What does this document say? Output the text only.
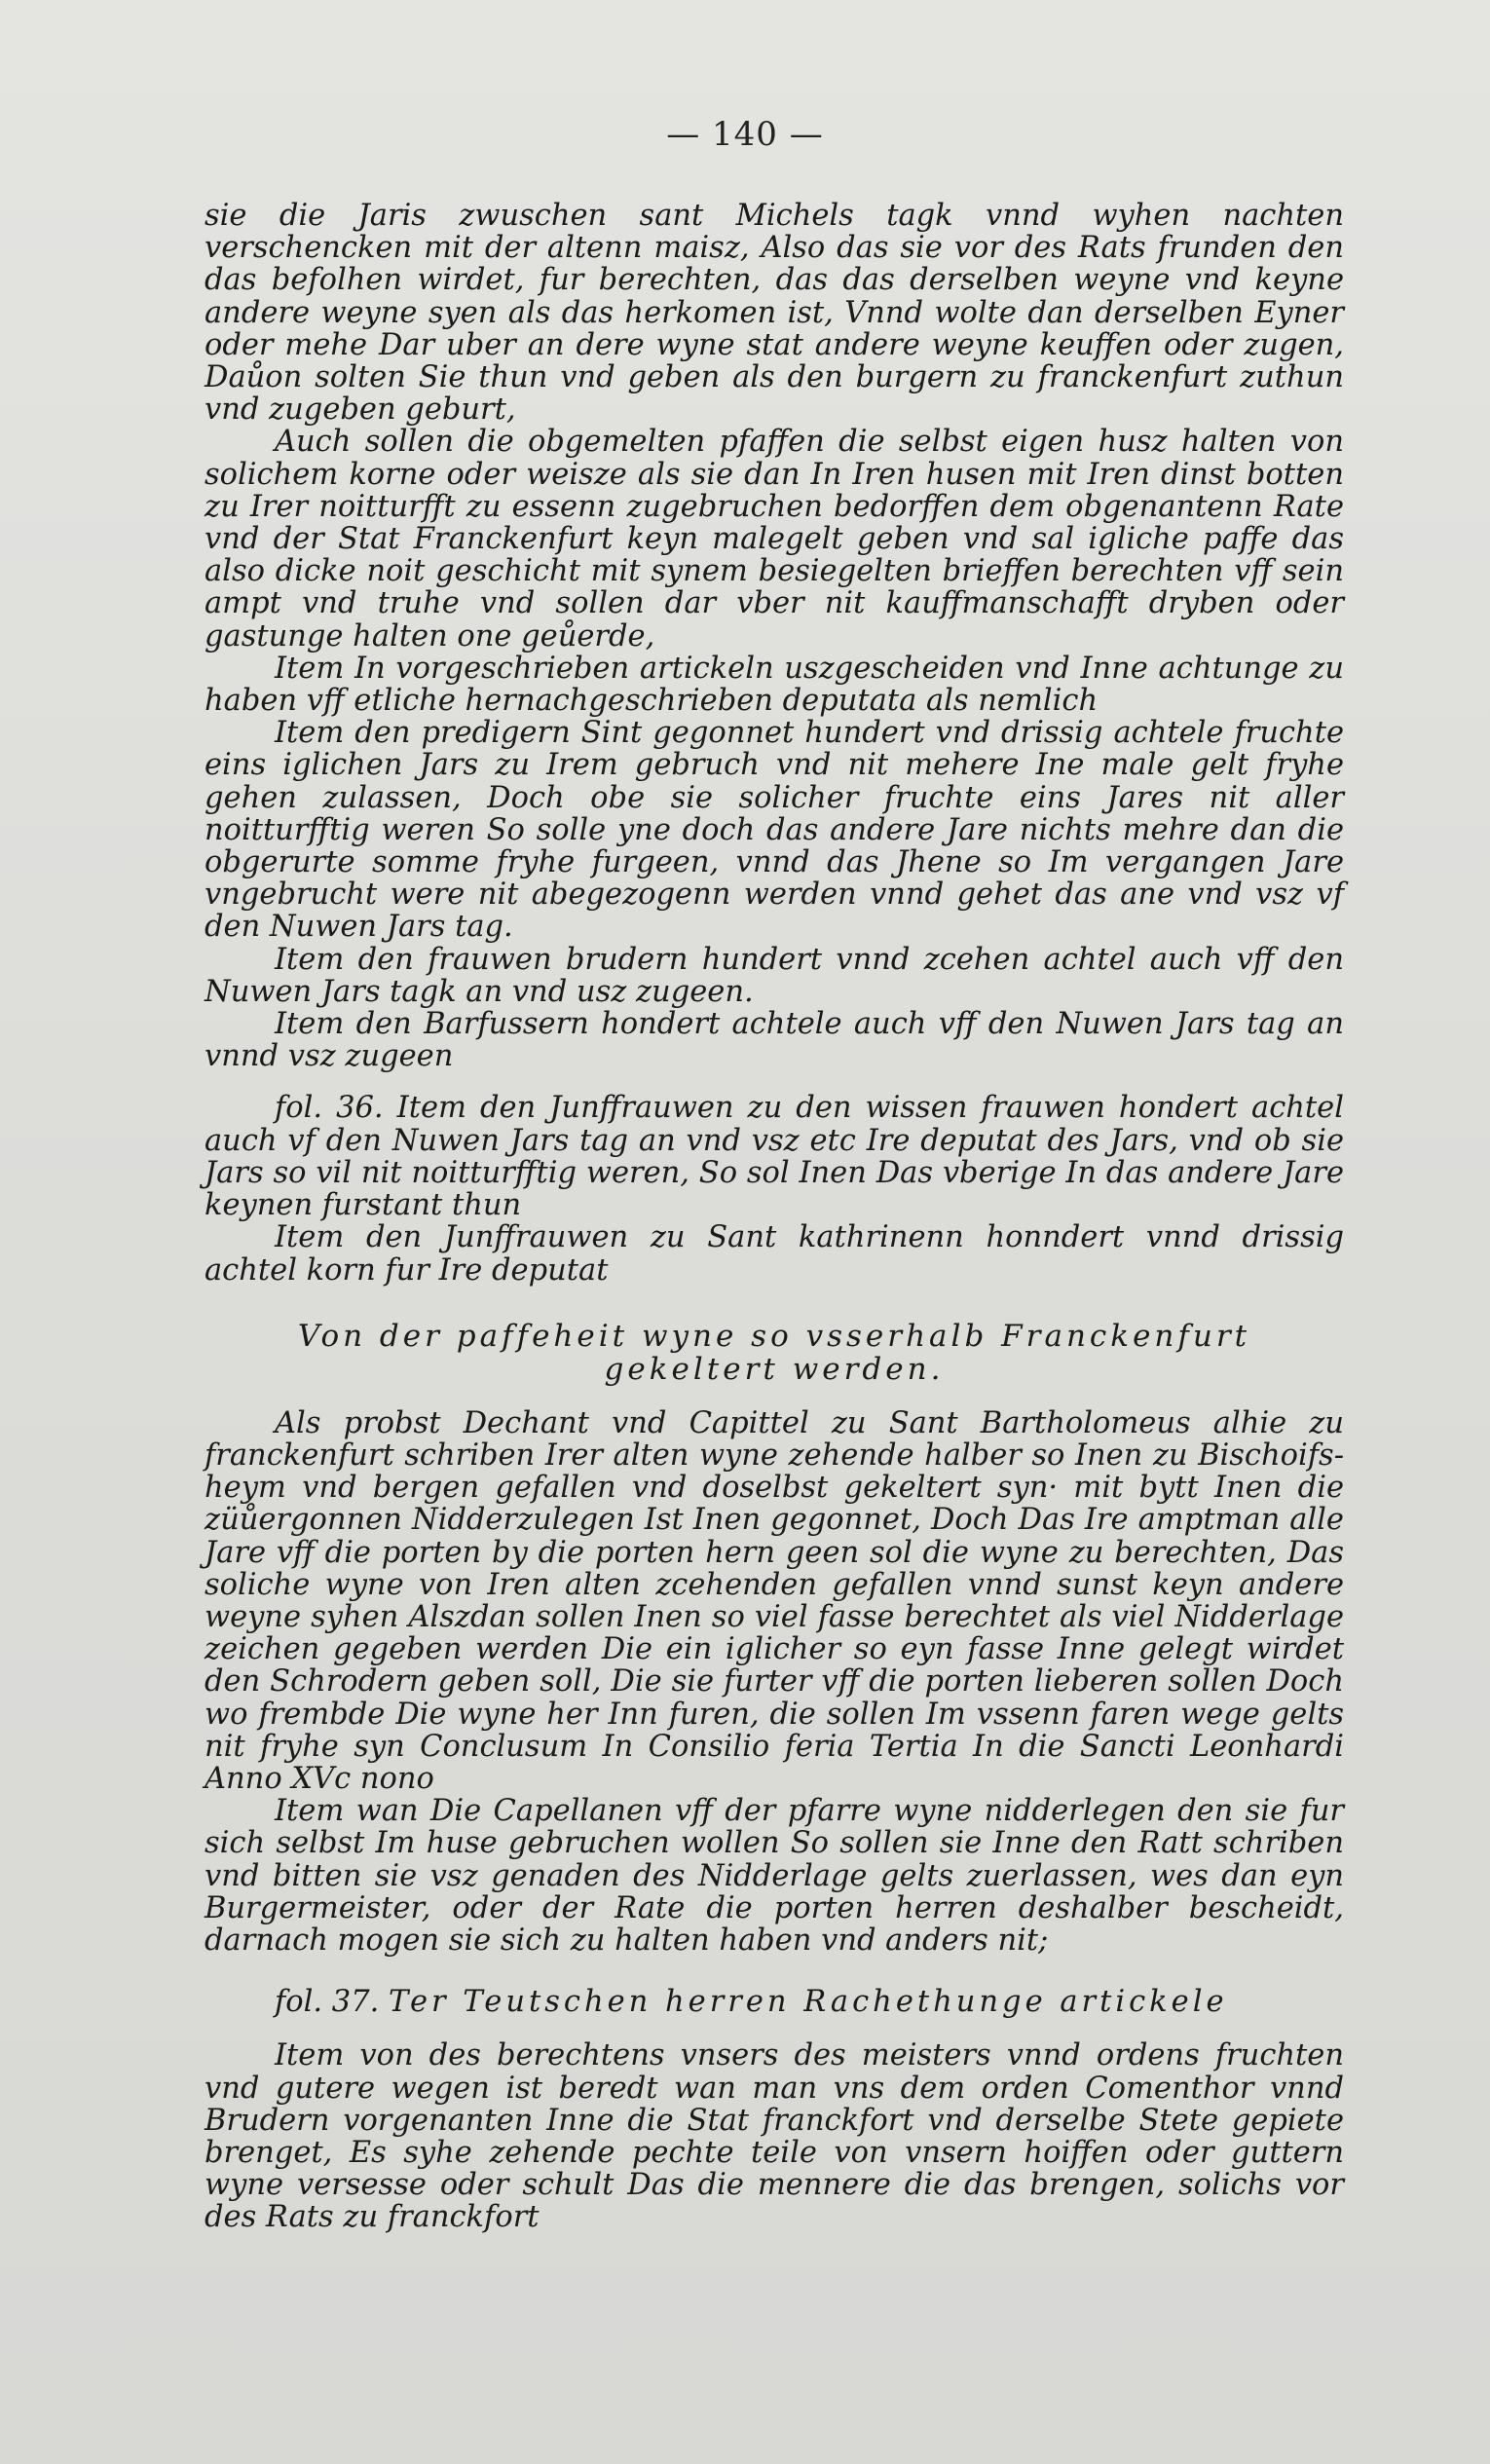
— 140 —

sie die Jaris zwuschen sant Michels tagk vnnd wyhen nachten verschencken mit der altenn maisz, Also das sie vor des Rats frunden den das befolhen wirdet, fur berechten, das das derselben weyne vnd keyne andere weyne syen als das herkomen ist, Vnnd wolte dan derselben Eyner oder mehe Dar uber an dere wyne stat andere weyne keuffen oder zugen, Daůon solten Sie thun vnd geben als den burgern zu franckenfurt zuthun vnd zugeben geburt,

Auch sollen die obgemelten pfaffen die selbst eigen husz halten von solichem korne oder weisze als sie dan In Iren husen mit Iren dinst botten zu Irer noitturfft zu essenn zugebruchen bedorffen dem obgenantenn Rate vnd der Stat Franckenfurt keyn malegelt geben vnd sal igliche paffe das also dicke noit geschicht mit synem besiegelten brieffen berechten vff sein ampt vnd truhe vnd sollen dar vber nit kauffmanschafft dryben oder gastunge halten one geůerde,

Item In vorgeschrieben artickeln uszgescheiden vnd Inne achtunge zu haben vff etliche hernachgeschrieben deputata als nemlich

Item den predigern Sint gegonnet hundert vnd drissig achtele fruchte eins iglichen Jars zu Irem gebruch vnd nit mehere Ine male gelt fryhe gehen zulassen, Doch obe sie solicher fruchte eins Jares nit aller noitturfftig weren So solle yne doch das andere Jare nichts mehre dan die obgerurte somme fryhe furgeen, vnnd das Jhene so Im vergangen Jare vngebrucht were nit abegezogenn werden vnnd gehet das ane vnd vsz vf den Nuwen Jars tag.

Item den frauwen brudern hundert vnnd zcehen achtel auch vff den Nuwen Jars tagk an vnd usz zugeen.

Item den Barfussern hondert achtele auch vff den Nuwen Jars tag an vnnd vsz zugeen

fol. 36. Item den Junffrauwen zu den wissen frauwen hondert achtel auch vf den Nuwen Jars tag an vnd vsz etc Ire deputat des Jars, vnd ob sie Jars so vil nit noitturfftig weren, So sol Inen Das vberige In das andere Jare keynen furstant thun

Item den Junffrauwen zu Sant kathrinenn honndert vnnd drissig achtel korn fur Ire deputat

Von der paffeheit wyne so vsserhalb Franckenfurt
gekeltert werden.

Als probst Dechant vnd Capittel zu Sant Bartholomeus alhie zu franckenfurt schriben Irer alten wyne zehende halber so Inen zu Bischoifs-heym vnd bergen gefallen vnd doselbst gekeltert syn· mit bytt Inen die züůergonnen Nidderzulegen Ist Inen gegonnet, Doch Das Ire amptman alle Jare vff die porten by die porten hern geen sol die wyne zu berechten, Das soliche wyne von Iren alten zcehenden gefallen vnnd sunst keyn andere weyne syhen Alszdan sollen Inen so viel fasse berechtet als viel Nidderlage zeichen gegeben werden Die ein iglicher so eyn fasse Inne gelegt wirdet den Schrodern geben soll, Die sie furter vff die porten lieberen sollen Doch wo frembde Die wyne her Inn furen, die sollen Im vssenn faren wege gelts nit fryhe syn Conclusum In Consilio feria Tertia In die Sancti Leonhardi Anno XVc nono

Item wan Die Capellanen vff der pfarre wyne nidderlegen den sie fur sich selbst Im huse gebruchen wollen So sollen sie Inne den Ratt schriben vnd bitten sie vsz genaden des Nidderlage gelts zuerlassen, wes dan eyn Burgermeister, oder der Rate die porten herren deshalber bescheidt, darnach mogen sie sich zu halten haben vnd anders nit;

fol. 37. Ter Teutschen herren Rachethunge artickele

Item von des berechtens vnsers des meisters vnnd ordens fruchten vnd gutere wegen ist beredt wan man vns dem orden Comenthor vnnd Brudern vorgenanten Inne die Stat franckfort vnd derselbe Stete gepiete brenget, Es syhe zehende pechte teile von vnsern hoiffen oder guttern wyne versesse oder schult Das die mennere die das brengen, solichs vor des Rats zu franckfort
